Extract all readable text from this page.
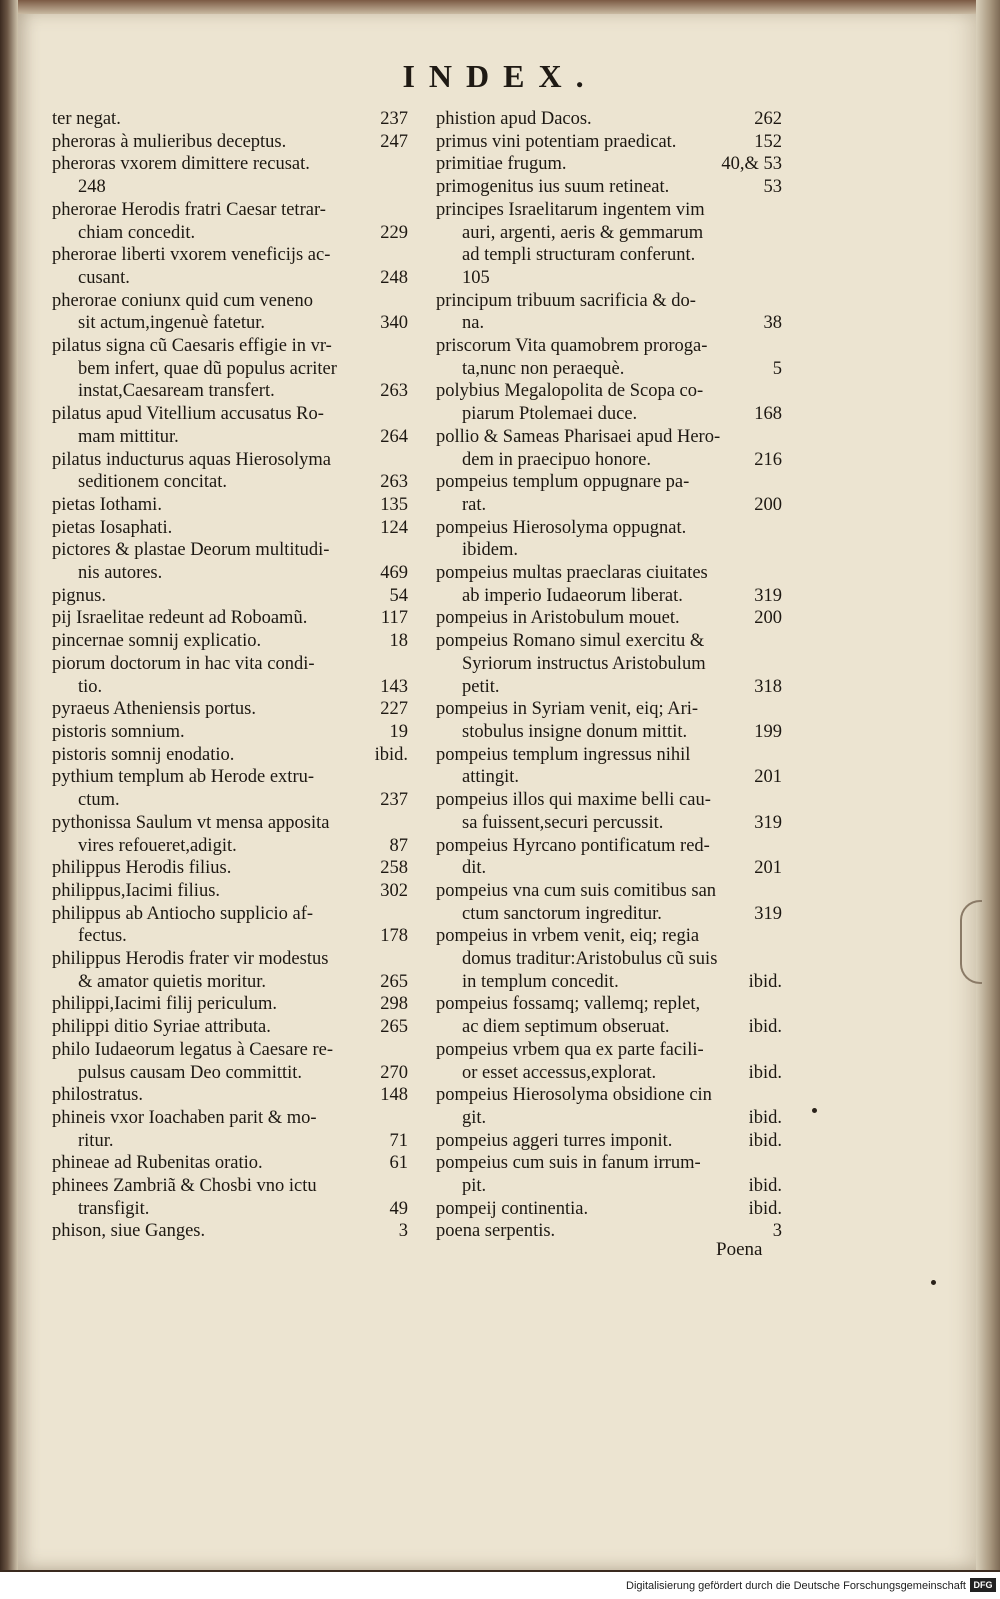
INDEX.
ter negat.	237
pheroras à mulieribus deceptus.	247
pheroras vxorem dimittere recusat.
248
pherorae Herodis fratri Caesar tetrar-
chiam concedit.	229
pherorae liberti vxorem veneficijs ac-
cusant.	248
pherorae coniunx quid cum veneno
sit actum,ingenuè fatetur.	340
pilatus signa cũ Caesaris effigie in vr-
bem infert, quae dũ populus acriter
instat,Caesaream transfert.	263
pilatus apud Vitellium accusatus Ro-
mam mittitur.	264
pilatus inducturus aquas Hierosolyma
seditionem concitat.	263
pietas Iothami.	135
pietas Iosaphati.	124
pictores & plastae Deorum multitudi-
nis autores.	469
pignus.	54
pij Israelitae redeunt ad Roboamũ.	117
pincernae somnij explicatio.	18
piorum doctorum in hac vita condi-
tio.	143
pyraeus Atheniensis portus.	227
pistoris somnium.	19
pistoris somnij enodatio.	ibid.
pythium templum ab Herode extru-
ctum.	237
pythonissa Saulum vt mensa apposita
vires refoueret,adigit.	87
philippus Herodis filius.	258
philippus,Iacimi filius.	302
philippus ab Antiocho supplicio af-
fectus.	178
philippus Herodis frater vir modestus
& amator quietis moritur.	265
philippi,Iacimi filij periculum.	298
philippi ditio Syriae attributa.	265
philo Iudaeorum legatus à Caesare re-
pulsus causam Deo committit.	270
philostratus.	148
phineis vxor Ioachaben parit & mo-
ritur.	71
phineae ad Rubenitas oratio.	61
phinees Zambriã & Chosbi vno ictu
transfigit.	49
phison, siue Ganges.	3
phistion apud Dacos.	262
primus vini potentiam praedicat.	152
primitiae frugum.	40,& 53
primogenitus ius suum retineat.	53
principes Israelitarum ingentem vim
auri, argenti, aeris & gemmarum
ad templi structuram conferunt.
105
principum tribuum sacrificia & do-
na.	38
priscorum Vita quamobrem proroga-
ta,nunc non peraequè.	5
polybius Megalopolita de Scopa co-
piarum Ptolemaei duce.	168
pollio & Sameas Pharisaei apud Hero-
dem in praecipuo honore.	216
pompeius templum oppugnare pa-
rat.	200
pompeius Hierosolyma oppugnat.
ibidem.
pompeius multas praeclaras ciuitates
ab imperio Iudaeorum liberat.	319
pompeius in Aristobulum mouet.	200
pompeius Romano simul exercitu &
Syriorum instructus Aristobulum
petit.	318
pompeius in Syriam venit, eiq; Ari-
stobulus insigne donum mittit.	199
pompeius templum ingressus nihil
attingit.	201
pompeius illos qui maxime belli cau-
sa fuissent,securi percussit.	319
pompeius Hyrcano pontificatum red-
dit.	201
pompeius vna cum suis comitibus san
ctum sanctorum ingreditur.	319
pompeius in vrbem venit, eiq; regia
domus traditur:Aristobulus cũ suis
in templum concedit.	ibid.
pompeius fossamq; vallemq; replet,
ac diem septimum obseruat.	ibid.
pompeius vrbem qua ex parte facili-
or esset accessus,explorat.	ibid.
pompeius Hierosolyma obsidione cin
git.	ibid.
pompeius aggeri turres imponit.	ibid.
pompeius cum suis in fanum irrum-
pit.	ibid.
pompeij continentia.	ibid.
poena serpentis.	3
Poena
Digitalisierung gefördert durch die Deutsche Forschungsgemeinschaft DFG
